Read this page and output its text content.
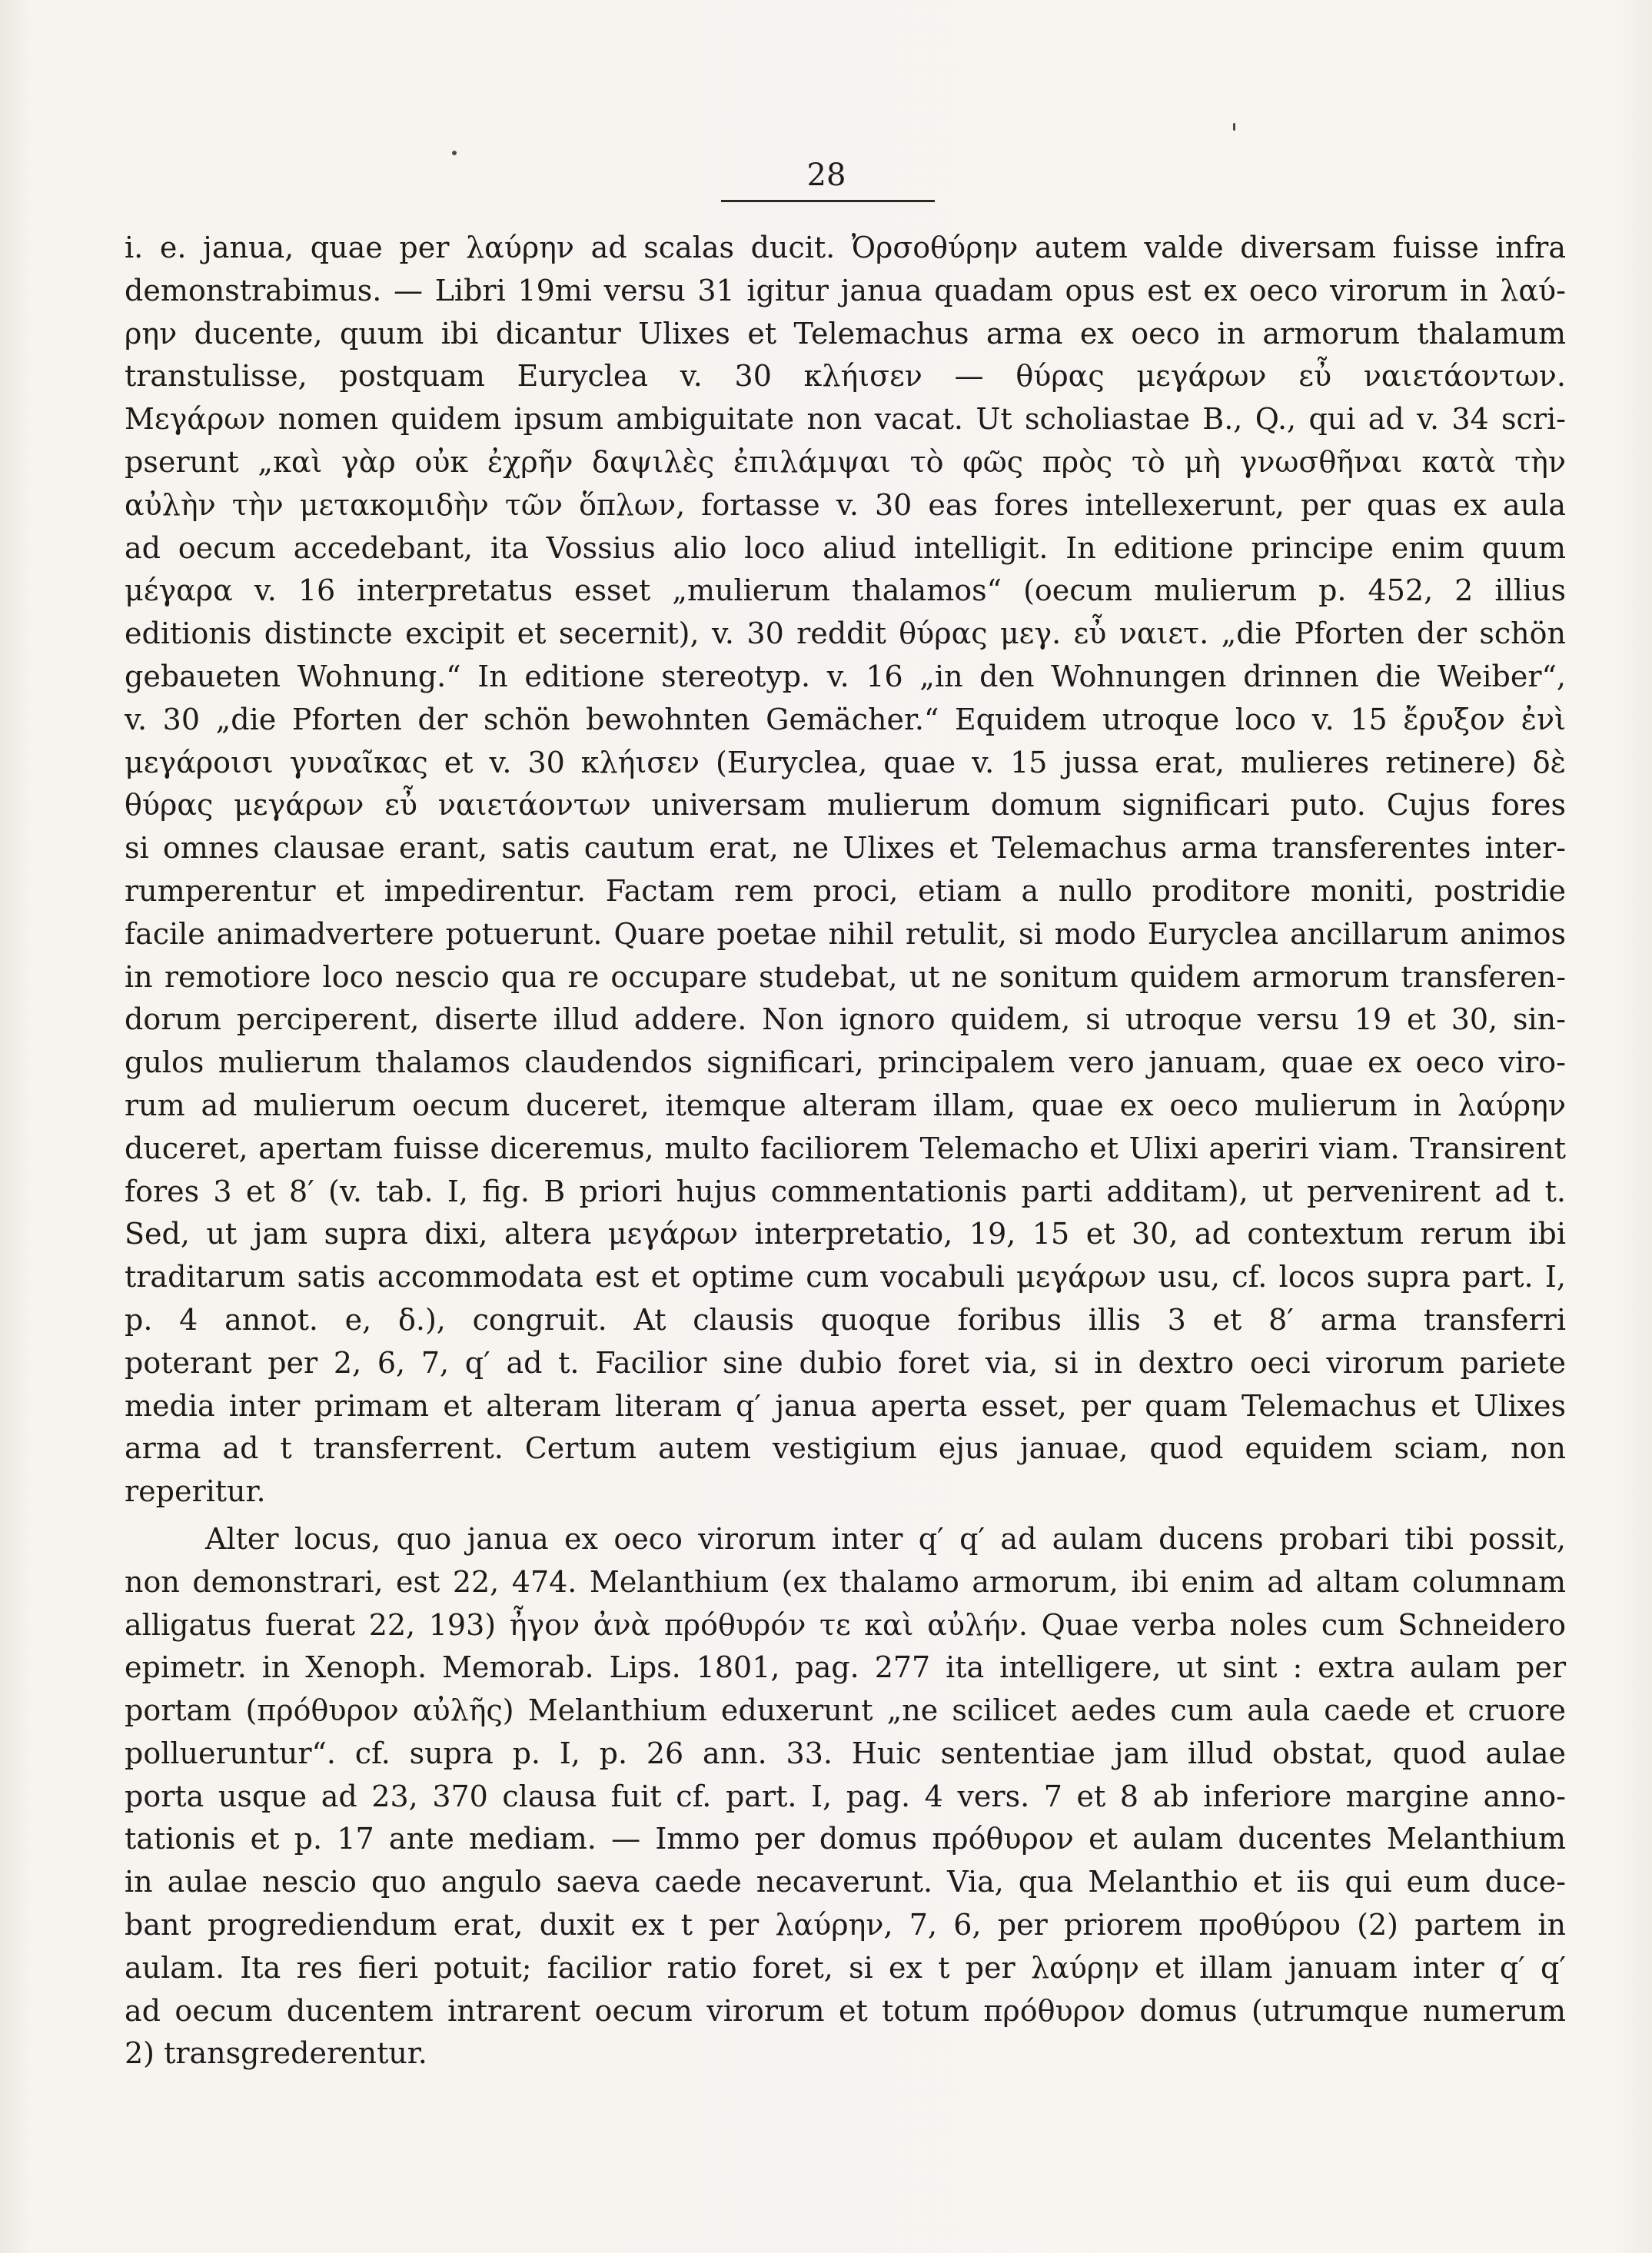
28
i. e. janua, quae per λαύρην ad scalas ducit. Ὀρσοθύρην autem valde diversam fuisse infra
demonstrabimus. — Libri 19mi versu 31 igitur janua quadam opus est ex oeco virorum in λαύ-
ρην ducente, quum ibi dicantur Ulixes et Telemachus arma ex oeco in armorum thalamum
transtulisse, postquam Euryclea v. 30 κλήισεν — θύρας μεγάρων εὖ ναιετάοντων.
Μεγάρων nomen quidem ipsum ambiguitate non vacat. Ut scholiastae B., Q., qui ad v. 34 scri-
pserunt „καὶ γὰρ οὐκ ἐχρῆν δαψιλὲς ἐπιλάμψαι τὸ φῶς πρὸς τὸ μὴ γνωσθῆναι κατὰ τὴν
αὐλὴν τὴν μετακομιδὴν τῶν ὅπλων, fortasse v. 30 eas fores intellexerunt, per quas ex aula
ad oecum accedebant, ita Vossius alio loco aliud intelligit. In editione principe enim quum
μέγαρα v. 16 interpretatus esset „mulierum thalamos“ (oecum mulierum p. 452, 2 illius
editionis distincte excipit et secernit), v. 30 reddit θύρας μεγ. εὖ ναιετ. „die Pforten der schön
gebaueten Wohnung.“ In editione stereotyp. v. 16 „in den Wohnungen drinnen die Weiber“,
v. 30 „die Pforten der schön bewohnten Gemächer.“ Equidem utroque loco v. 15 ἔρυξον ἐνὶ
μεγάροισι γυναῖκας et v. 30 κλήισεν (Euryclea, quae v. 15 jussa erat, mulieres retinere) δὲ
θύρας μεγάρων εὖ ναιετάοντων universam mulierum domum significari puto. Cujus fores
si omnes clausae erant, satis cautum erat, ne Ulixes et Telemachus arma transferentes inter-
rumperentur et impedirentur. Factam rem proci, etiam a nullo proditore moniti, postridie
facile animadvertere potuerunt. Quare poetae nihil retulit, si modo Euryclea ancillarum animos
in remotiore loco nescio qua re occupare studebat, ut ne sonitum quidem armorum transferen-
dorum perciperent, diserte illud addere. Non ignoro quidem, si utroque versu 19 et 30, sin-
gulos mulierum thalamos claudendos significari, principalem vero januam, quae ex oeco viro-
rum ad mulierum oecum duceret, itemque alteram illam, quae ex oeco mulierum in λαύρην
duceret, apertam fuisse diceremus, multo faciliorem Telemacho et Ulixi aperiri viam. Transirent
fores 3 et 8′ (v. tab. I, fig. B priori hujus commentationis parti additam), ut pervenirent ad t.
Sed, ut jam supra dixi, altera μεγάρων interpretatio, 19, 15 et 30, ad contextum rerum ibi
traditarum satis accommodata est et optime cum vocabuli μεγάρων usu, cf. locos supra part. I,
p. 4 annot. e, δ.), congruit. At clausis quoque foribus illis 3 et 8′ arma transferri
poterant per 2, 6, 7, q′ ad t. Facilior sine dubio foret via, si in dextro oeci virorum pariete
media inter primam et alteram literam q′ janua aperta esset, per quam Telemachus et Ulixes
arma ad t transferrent. Certum autem vestigium ejus januae, quod equidem sciam, non
reperitur.
Alter locus, quo janua ex oeco virorum inter q′ q′ ad aulam ducens probari tibi possit,
non demonstrari, est 22, 474. Melanthium (ex thalamo armorum, ibi enim ad altam columnam
alligatus fuerat 22, 193) ἦγον ἀνὰ πρόθυρόν τε καὶ αὐλήν. Quae verba noles cum Schneidero
epimetr. in Xenoph. Memorab. Lips. 1801, pag. 277 ita intelligere, ut sint : extra aulam per
portam (πρόθυρον αὐλῆς) Melanthium eduxerunt „ne scilicet aedes cum aula caede et cruore
pollueruntur“. cf. supra p. I, p. 26 ann. 33. Huic sententiae jam illud obstat, quod aulae
porta usque ad 23, 370 clausa fuit cf. part. I, pag. 4 vers. 7 et 8 ab inferiore margine anno-
tationis et p. 17 ante mediam. — Immo per domus πρόθυρον et aulam ducentes Melanthium
in aulae nescio quo angulo saeva caede necaverunt. Via, qua Melanthio et iis qui eum duce-
bant progrediendum erat, duxit ex t per λαύρην, 7, 6, per priorem προθύρου (2) partem in
aulam. Ita res fieri potuit; facilior ratio foret, si ex t per λαύρην et illam januam inter q′ q′
ad oecum ducentem intrarent oecum virorum et totum πρόθυρον domus (utrumque numerum
2) transgrederentur.
